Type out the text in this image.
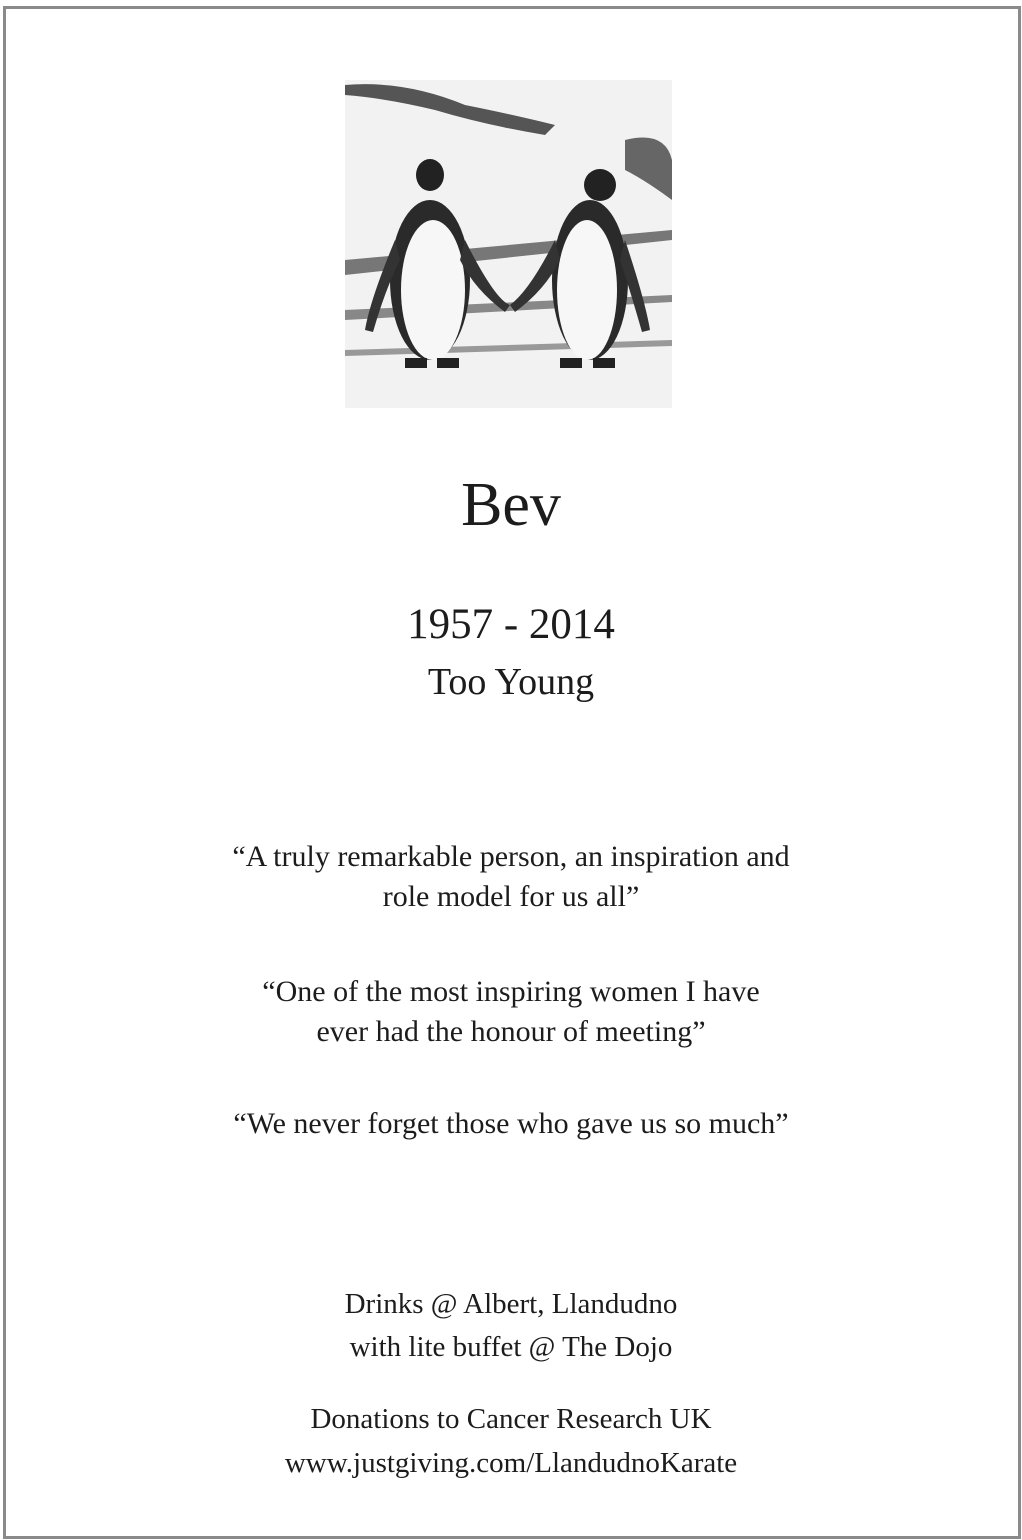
Bev
1957 - 2014
Too Young
“A truly remarkable person, an inspiration and
role model for us all”
“One of the most inspiring women I have
ever had the honour of meeting”
“We never forget those who gave us so much”
Drinks @ Albert, Llandudno
with lite buffet @ The Dojo
Donations to Cancer Research UK
www.justgiving.com/LlandudnoKarate
